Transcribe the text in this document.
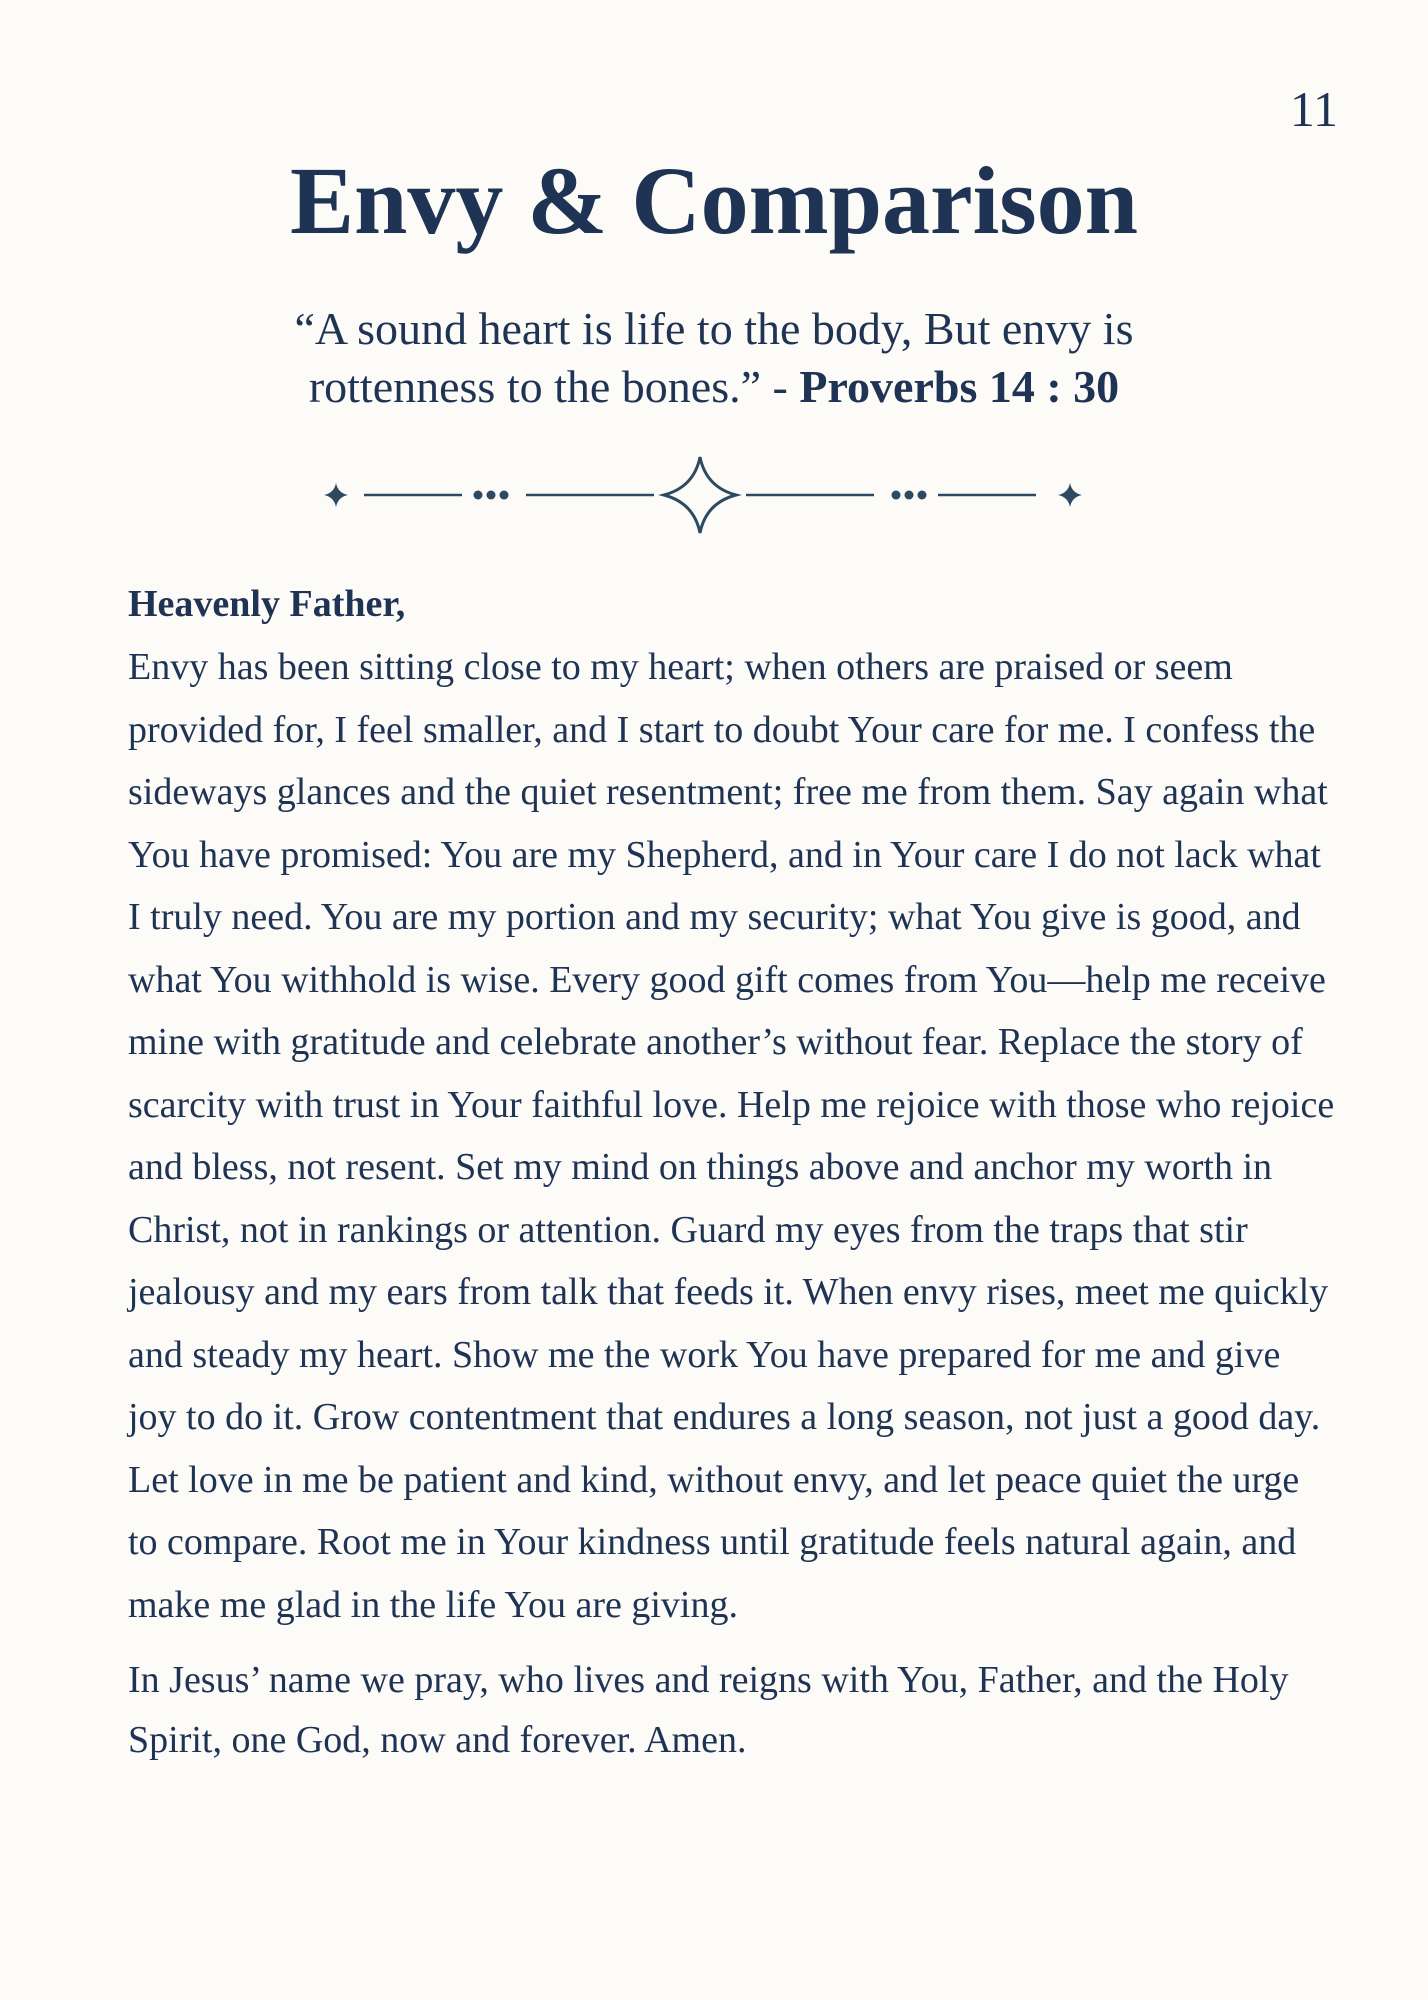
11
Envy & Comparison
“A sound heart is life to the body, But envy is rottenness to the bones.” - Proverbs 14 : 30

Heavenly Father,

Envy has been sitting close to my heart; when others are praised or seem provided for, I feel smaller, and I start to doubt Your care for me. I confess the sideways glances and the quiet resentment; free me from them. Say again what You have promised: You are my Shepherd, and in Your care I do not lack what I truly need. You are my portion and my security; what You give is good, and what You withhold is wise. Every good gift comes from You—help me receive mine with gratitude and celebrate another’s without fear. Replace the story of scarcity with trust in Your faithful love. Help me rejoice with those who rejoice and bless, not resent. Set my mind on things above and anchor my worth in Christ, not in rankings or attention. Guard my eyes from the traps that stir jealousy and my ears from talk that feeds it. When envy rises, meet me quickly and steady my heart. Show me the work You have prepared for me and give joy to do it. Grow contentment that endures a long season, not just a good day. Let love in me be patient and kind, without envy, and let peace quiet the urge to compare. Root me in Your kindness until gratitude feels natural again, and make me glad in the life You are giving.

In Jesus’ name we pray, who lives and reigns with You, Father, and the Holy Spirit, one God, now and forever. Amen.
